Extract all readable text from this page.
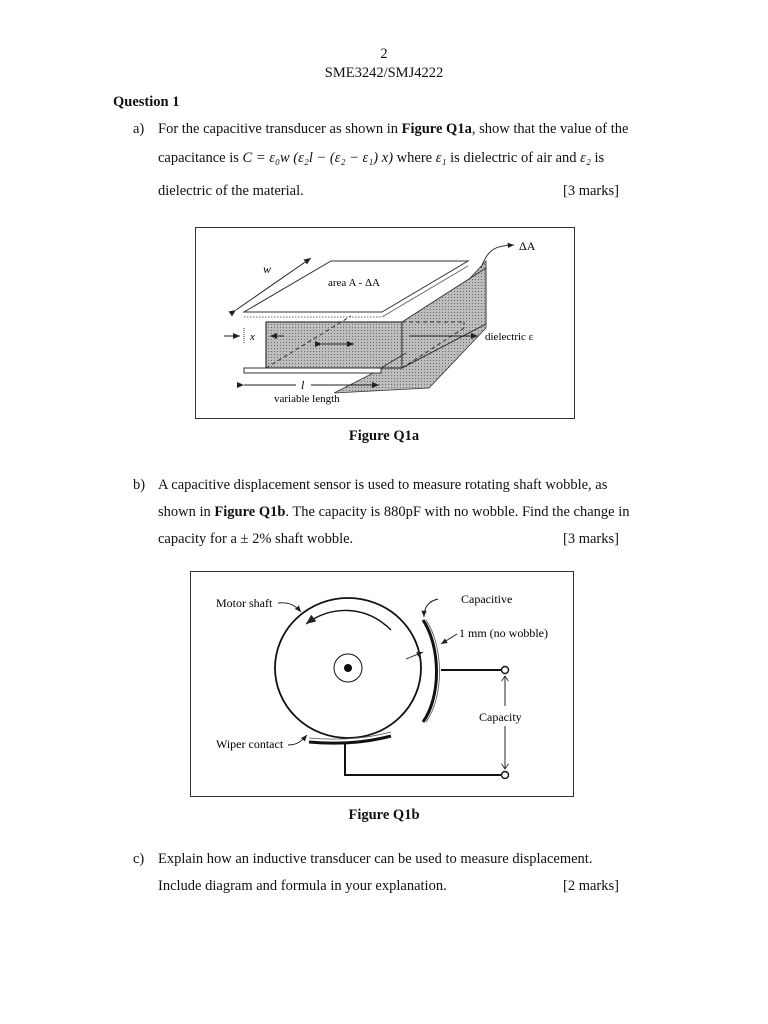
2
SME3242/SMJ4222
Question 1
a) For the capacitive transducer as shown in Figure Q1a, show that the value of the
capacitance is C = ε₀w (ε₂l − (ε₂ − ε₁) x) where ε₁ is dielectric of air and ε₂ is
dielectric of the material.	[3 marks]
w
area A - ΔA
ΔA
x	dielectric ε
l
variable length
Figure Q1a
b) A capacitive displacement sensor is used to measure rotating shaft wobble, as
shown in Figure Q1b. The capacity is 880pF with no wobble. Find the change in
capacity for a ± 2% shaft wobble.	[3 marks]
Capacity
Motor shaft	Capacitive
1 mm (no wobble)
Wiper contact
Figure Q1b
c) Explain how an inductive transducer can be used to measure displacement.
Include diagram and formula in your explanation.	[2 marks]
